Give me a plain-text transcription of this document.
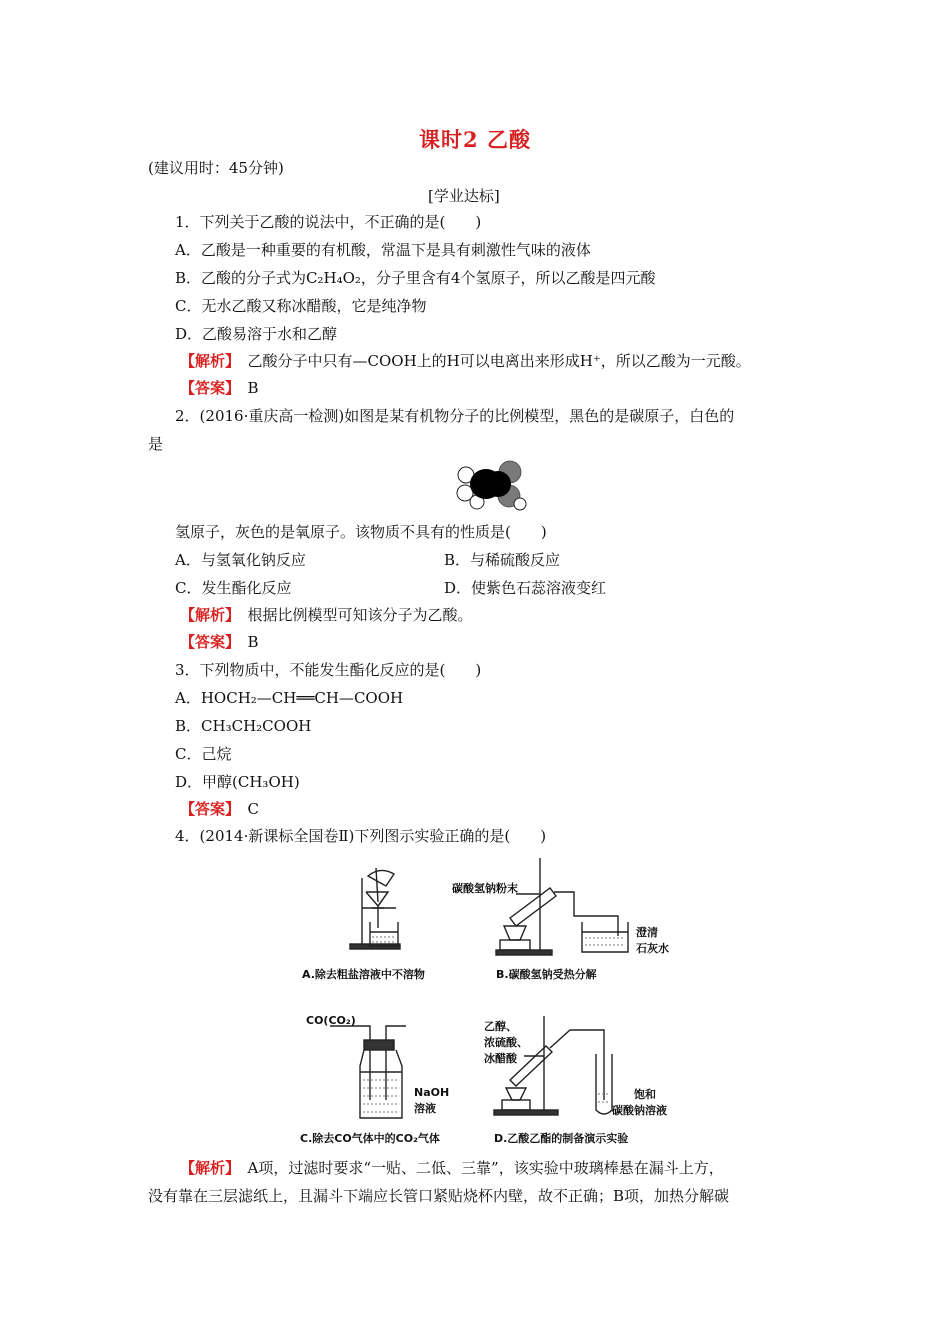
课时2 乙酸
(建议用时：45分钟)
[学业达标]
1．下列关于乙酸的说法中，不正确的是(　　)
A．乙酸是一种重要的有机酸，常温下是具有刺激性气味的液体
B．乙酸的分子式为C₂H₄O₂，分子里含有4个氢原子，所以乙酸是四元酸
C．无水乙酸又称冰醋酸，它是纯净物
D．乙酸易溶于水和乙醇
【解析】　 乙酸分子中只有—COOH上的H可以电离出来形成H⁺，所以乙酸为一元酸。
【答案】　 B
2．(2016·重庆高一检测)如图是某有机物分子的比例模型，黑色的是碳原子，白色的
是
氢原子，灰色的是氧原子。该物质不具有的性质是(　　)
A．与氢氧化钠反应	B．与稀硫酸反应
C．发生酯化反应	D．使紫色石蕊溶液变红
【解析】　 根据比例模型可知该分子为乙酸。
【答案】　 B
3．下列物质中，不能发生酯化反应的是(　　)
A．HOCH₂—CH══CH—COOH
B．CH₃CH₂COOH
C．己烷
D．甲醇(CH₃OH)
【答案】　 C
4．(2014·新课标全国卷Ⅱ)下列图示实验正确的是(　　)
A.除去粗盐溶液中不溶物
碳酸氢钠粉末
澄清
石灰水
B.碳酸氢钠受热分解
CO(CO₂)
NaOH
溶液
C.除去CO气体中的CO₂气体
乙醇、
浓硫酸、
冰醋酸
饱和
碳酸钠溶液
D.乙酸乙酯的制备演示实验
【解析】　 A项，过滤时要求“一贴、二低、三靠”，该实验中玻璃棒悬在漏斗上方，
没有靠在三层滤纸上，且漏斗下端应长管口紧贴烧杯内壁，故不正确；B项，加热分解碳
